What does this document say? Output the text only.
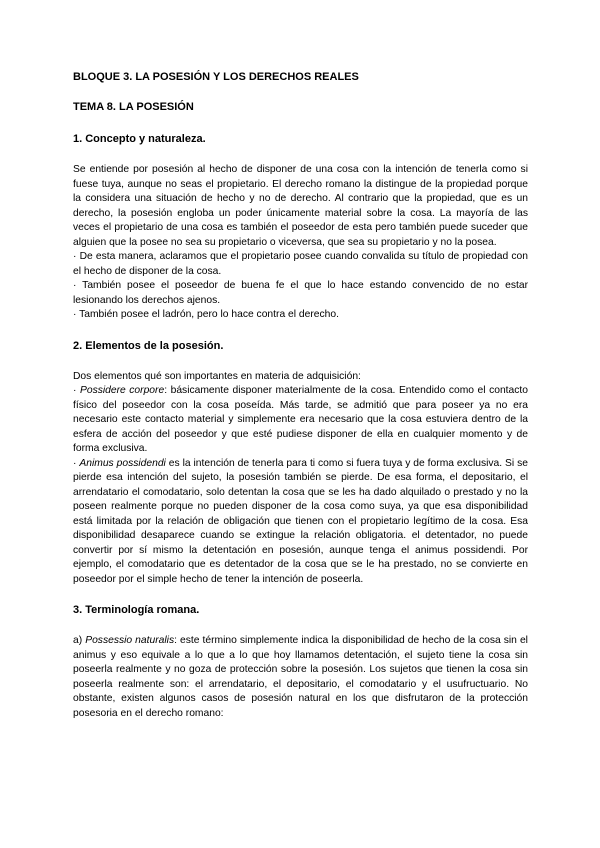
BLOQUE 3. LA POSESIÓN Y LOS DERECHOS REALES
TEMA 8. LA POSESIÓN
1. Concepto y naturaleza.

Se entiende por posesión al hecho de disponer de una cosa con la intención de tenerla como si fuese tuya, aunque no seas el propietario. El derecho romano la distingue de la propiedad porque la considera una situación de hecho y no de derecho. Al contrario que la propiedad, que es un derecho, la posesión engloba un poder únicamente material sobre la cosa. La mayoría de las veces el propietario de una cosa es también el poseedor de esta pero también puede suceder que alguien que la posee no sea su propietario o viceversa, que sea su propietario y no la posea.

· De esta manera, aclaramos que el propietario posee cuando convalida su título de propiedad con el hecho de disponer de la cosa.

· También posee el poseedor de buena fe el que lo hace estando convencido de no estar lesionando los derechos ajenos.

· También posee el ladrón, pero lo hace contra el derecho.

2. Elementos de la posesión.

Dos elementos qué son importantes en materia de adquisición:

· Possidere corpore: básicamente disponer materialmente de la cosa. Entendido como el contacto físico del poseedor con la cosa poseída. Más tarde, se admitió que para poseer ya no era necesario este contacto material y simplemente era necesario que la cosa estuviera dentro de la esfera de acción del poseedor y que esté pudiese disponer de ella en cualquier momento y de forma exclusiva.

· Animus possidendi es la intención de tenerla para ti como si fuera tuya y de forma exclusiva. Si se pierde esa intención del sujeto, la posesión también se pierde. De esa forma, el depositario, el arrendatario el comodatario, solo detentan la cosa que se les ha dado alquilado o prestado y no la poseen realmente porque no pueden disponer de la cosa como suya, ya que esa disponibilidad está limitada por la relación de obligación que tienen con el propietario legítimo de la cosa. Esa disponibilidad desaparece cuando se extingue la relación obligatoria. el detentador, no puede convertir por sí mismo la detentación en posesión, aunque tenga el animus possidendi. Por ejemplo, el comodatario que es detentador de la cosa que se le ha prestado, no se convierte en poseedor por el simple hecho de tener la intención de poseerla.

3. Terminología romana.

a) Possessio naturalis: este término simplemente indica la disponibilidad de hecho de la cosa sin el animus y eso equivale a lo que a lo que hoy llamamos detentación, el sujeto tiene la cosa sin poseerla realmente y no goza de protección sobre la posesión. Los sujetos que tienen la cosa sin poseerla realmente son: el arrendatario, el depositario, el comodatario y el usufructuario. No obstante, existen algunos casos de posesión natural en los que disfrutaron de la protección posesoria en el derecho romano:
